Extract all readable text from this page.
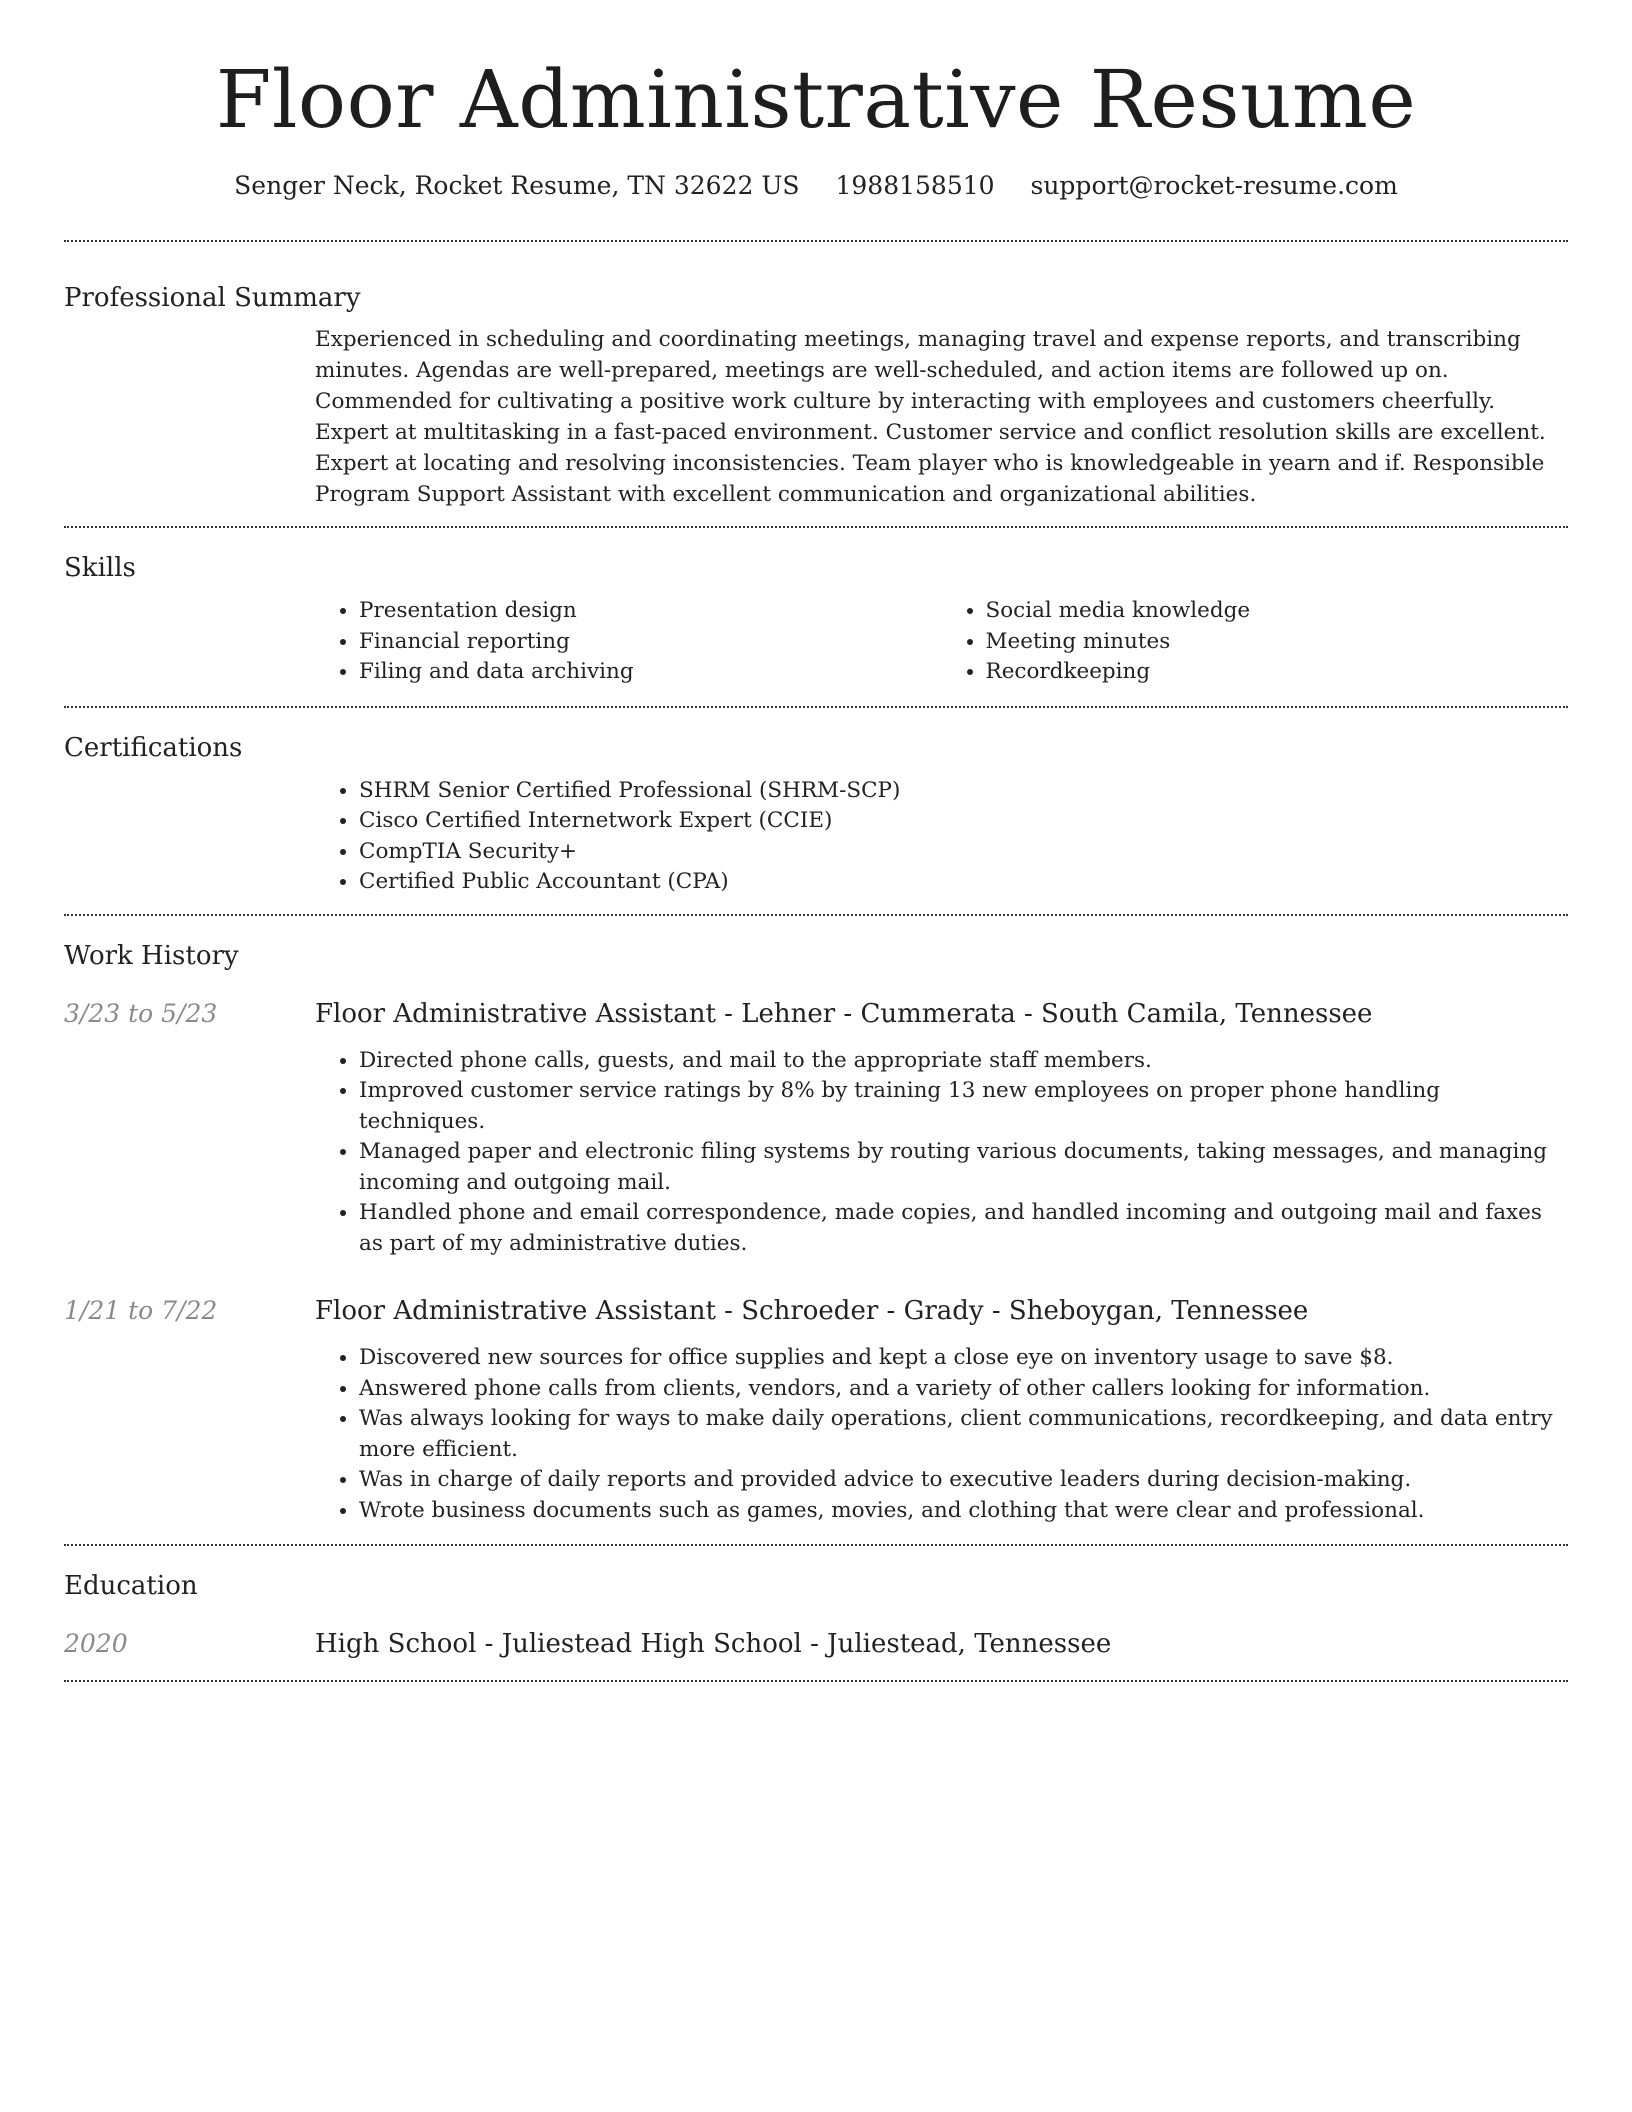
Floor Administrative Resume
Senger Neck, Rocket Resume, TN 32622 US 1988158510 support@rocket-resume.com
Professional Summary
Experienced in scheduling and coordinating meetings, managing travel and expense reports, and transcribing minutes. Agendas are well-prepared, meetings are well-scheduled, and action items are followed up on. Commended for cultivating a positive work culture by interacting with employees and customers cheerfully. Expert at multitasking in a fast-paced environment. Customer service and conflict resolution skills are excellent. Expert at locating and resolving inconsistencies. Team player who is knowledgeable in yearn and if. Responsible Program Support Assistant with excellent communication and organizational abilities.
Skills
• Presentation design
• Financial reporting
• Filing and data archiving
• Social media knowledge
• Meeting minutes
• Recordkeeping
Certifications
• SHRM Senior Certified Professional (SHRM-SCP)
• Cisco Certified Internetwork Expert (CCIE)
• CompTIA Security+
• Certified Public Accountant (CPA)
Work History
3/23 to 5/23	Floor Administrative Assistant - Lehner - Cummerata - South Camila, Tennessee
• Directed phone calls, guests, and mail to the appropriate staff members.
• Improved customer service ratings by 8% by training 13 new employees on proper phone handling techniques.
• Managed paper and electronic filing systems by routing various documents, taking messages, and managing incoming and outgoing mail.
• Handled phone and email correspondence, made copies, and handled incoming and outgoing mail and faxes as part of my administrative duties.
1/21 to 7/22	Floor Administrative Assistant - Schroeder - Grady - Sheboygan, Tennessee
• Discovered new sources for office supplies and kept a close eye on inventory usage to save $8.
• Answered phone calls from clients, vendors, and a variety of other callers looking for information.
• Was always looking for ways to make daily operations, client communications, recordkeeping, and data entry more efficient.
• Was in charge of daily reports and provided advice to executive leaders during decision-making.
• Wrote business documents such as games, movies, and clothing that were clear and professional.
Education
2020	High School - Juliestead High School - Juliestead, Tennessee
